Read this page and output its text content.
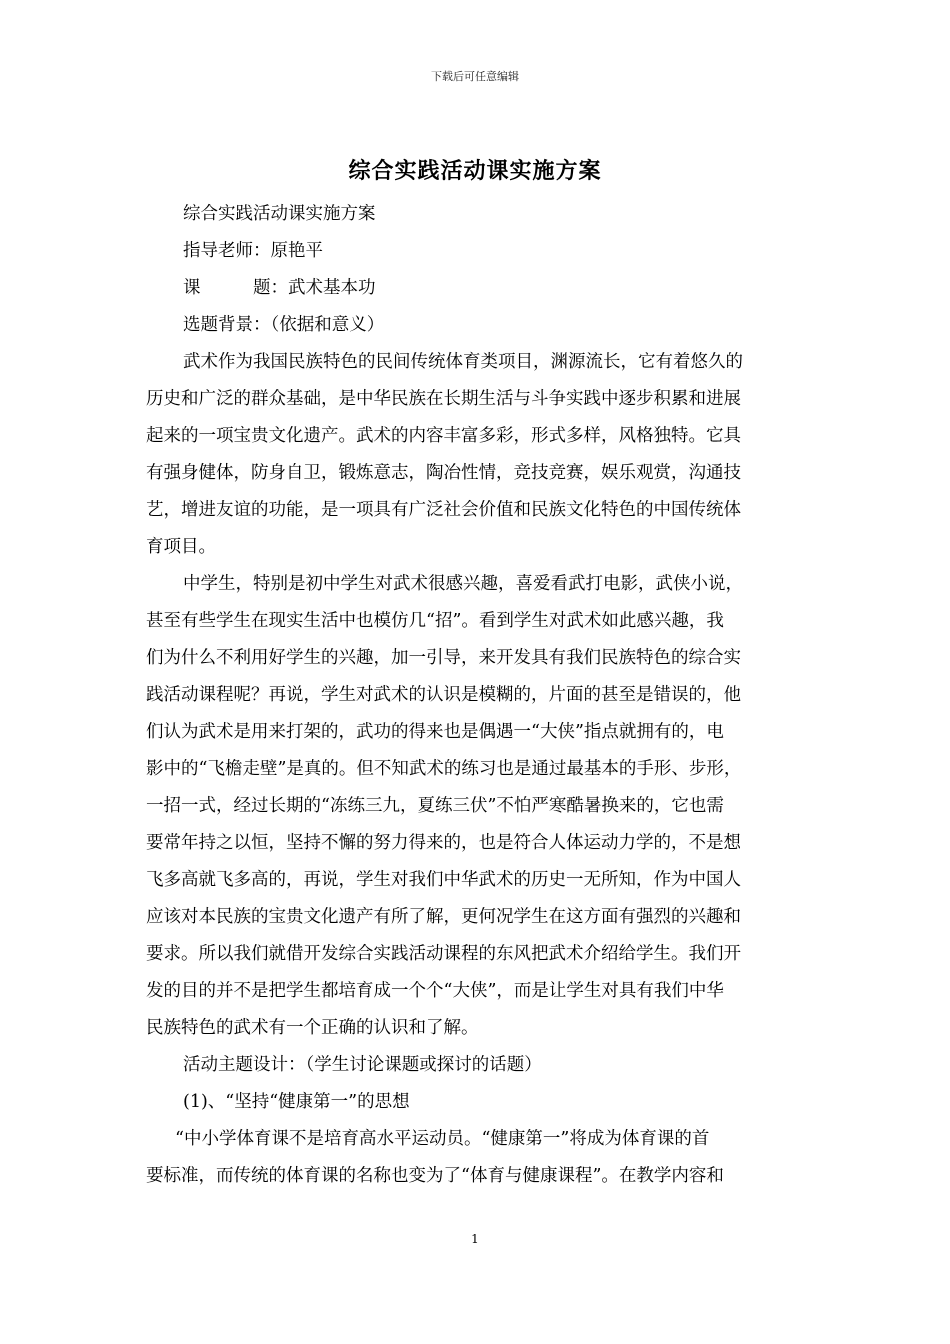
下载后可任意编辑
综合实践活动课实施方案
综合实践活动课实施方案
指导老师：原艳平
课　　　题：武术基本功
选题背景：（依据和意义）
武术作为我国民族特色的民间传统体育类项目，渊源流长，它有着悠久的
历史和广泛的群众基础，是中华民族在长期生活与斗争实践中逐步积累和进展
起来的一项宝贵文化遗产。武术的内容丰富多彩，形式多样，风格独特。它具
有强身健体，防身自卫，锻炼意志，陶冶性情，竞技竞赛，娱乐观赏，沟通技
艺，增进友谊的功能，是一项具有广泛社会价值和民族文化特色的中国传统体
育项目。
中学生，特别是初中学生对武术很感兴趣，喜爱看武打电影，武侠小说，
甚至有些学生在现实生活中也模仿几“招”。看到学生对武术如此感兴趣，我
们为什么不利用好学生的兴趣，加一引导，来开发具有我们民族特色的综合实
践活动课程呢？再说，学生对武术的认识是模糊的，片面的甚至是错误的，他
们认为武术是用来打架的，武功的得来也是偶遇一“大侠”指点就拥有的，电
影中的“飞檐走壁”是真的。但不知武术的练习也是通过最基本的手形、步形，
一招一式，经过长期的“冻练三九，夏练三伏”不怕严寒酷暑换来的，它也需
要常年持之以恒，坚持不懈的努力得来的，也是符合人体运动力学的，不是想
飞多高就飞多高的，再说，学生对我们中华武术的历史一无所知，作为中国人
应该对本民族的宝贵文化遗产有所了解，更何况学生在这方面有强烈的兴趣和
要求。所以我们就借开发综合实践活动课程的东风把武术介绍给学生。我们开
发的目的并不是把学生都培育成一个个“大侠”，而是让学生对具有我们中华
民族特色的武术有一个正确的认识和了解。
活动主题设计：（学生讨论课题或探讨的话题）
(1)、“坚持“健康第一”的思想
“中小学体育课不是培育高水平运动员。“健康第一”将成为体育课的首
要标准，而传统的体育课的名称也变为了“体育与健康课程”。在教学内容和
1
